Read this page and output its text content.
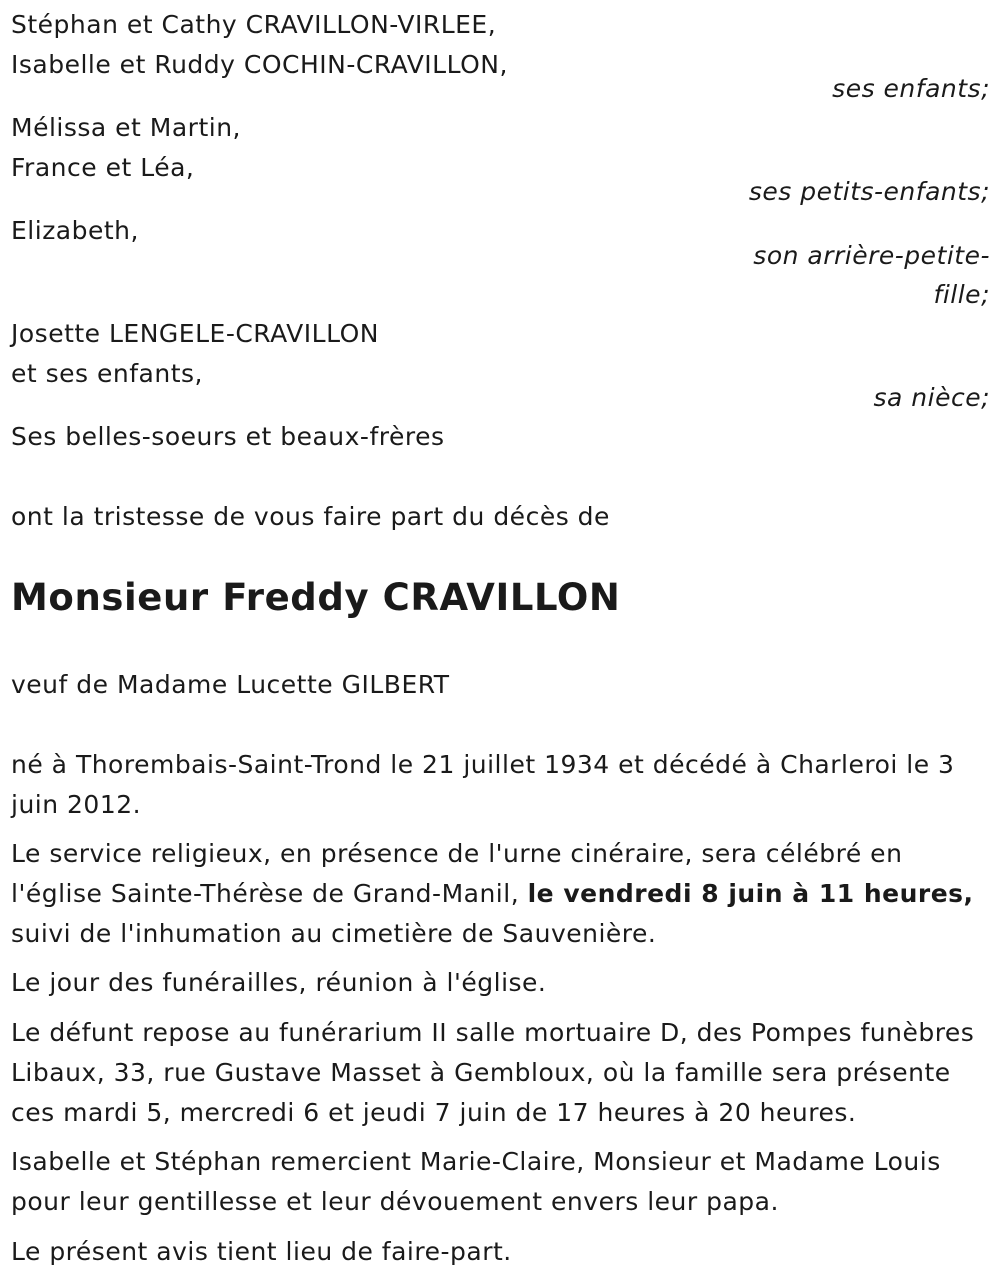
Stéphan et Cathy CRAVILLON-VIRLEE,
Isabelle et Ruddy COCHIN-CRAVILLON,
ses enfants;
Mélissa et Martin,
France et Léa,
ses petits-enfants;
Elizabeth,
son arrière-petite-
fille;
Josette LENGELE-CRAVILLON
et ses enfants,
sa nièce;
Ses belles-soeurs et beaux-frères
ont la tristesse de vous faire part du décès de
Monsieur Freddy CRAVILLON
veuf de Madame Lucette GILBERT
né à Thorembais-Saint-Trond le 21 juillet 1934 et décédé à Charleroi le 3 juin 2012.
Le service religieux, en présence de l'urne cinéraire, sera célébré en l'église Sainte-Thérèse de Grand-Manil, le vendredi 8 juin à 11 heures, suivi de l'inhumation au cimetière de Sauvenière.
Le jour des funérailles, réunion à l'église.
Le défunt repose au funérarium II salle mortuaire D, des Pompes funèbres Libaux, 33, rue Gustave Masset à Gembloux, où la famille sera présente ces mardi 5, mercredi 6 et jeudi 7 juin de 17 heures à 20 heures.
Isabelle et Stéphan remercient Marie-Claire, Monsieur et Madame Louis pour leur gentillesse et leur dévouement envers leur papa.
Le présent avis tient lieu de faire-part.
